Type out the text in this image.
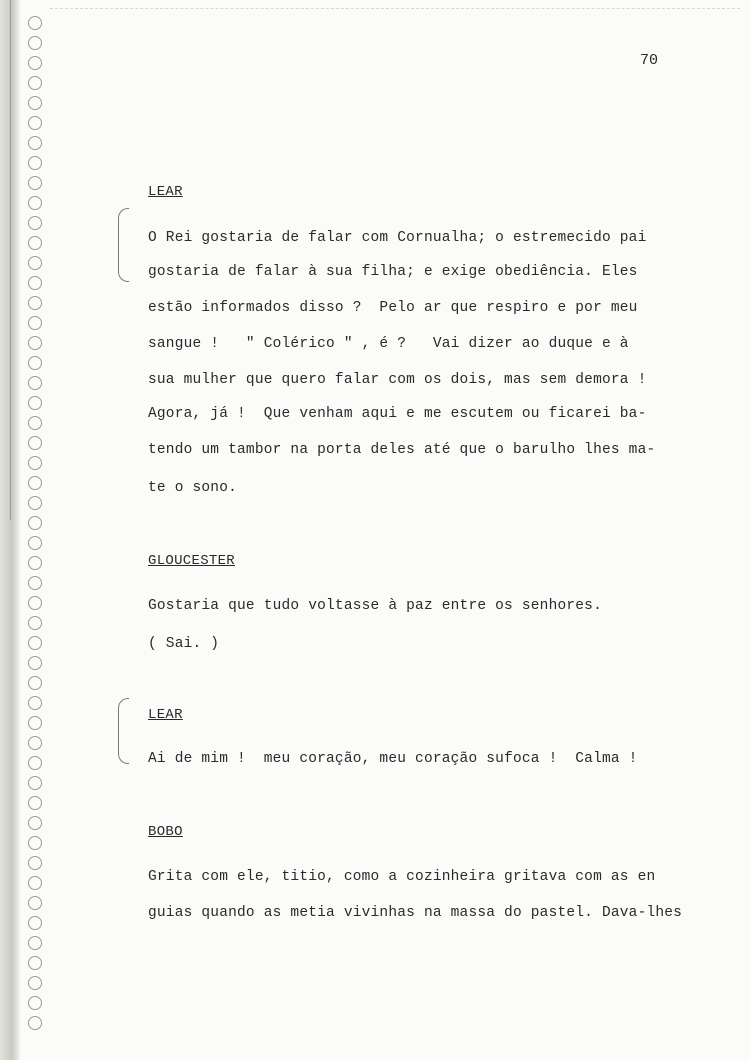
70
LEAR
O Rei gostaria de falar com Cornualha; o estremecido pai
gostaria de falar à sua filha; e exige obediência. Eles
estão informados disso ?  Pelo ar que respiro e por meu
sangue !   " Colérico " , é ?   Vai dizer ao duque e à
sua mulher que quero falar com os dois, mas sem demora !
Agora, já !  Que venham aqui e me escutem ou ficarei ba-
tendo um tambor na porta deles até que o barulho lhes ma-
te o sono.
GLOUCESTER
Gostaria que tudo voltasse à paz entre os senhores.
( Sai. )
LEAR
Ai de mim !  meu coração, meu coração sufoca !  Calma !
BOBO
Grita com ele, titio, como a cozinheira gritava com as en
guias quando as metia vivinhas na massa do pastel. Dava-lhes
